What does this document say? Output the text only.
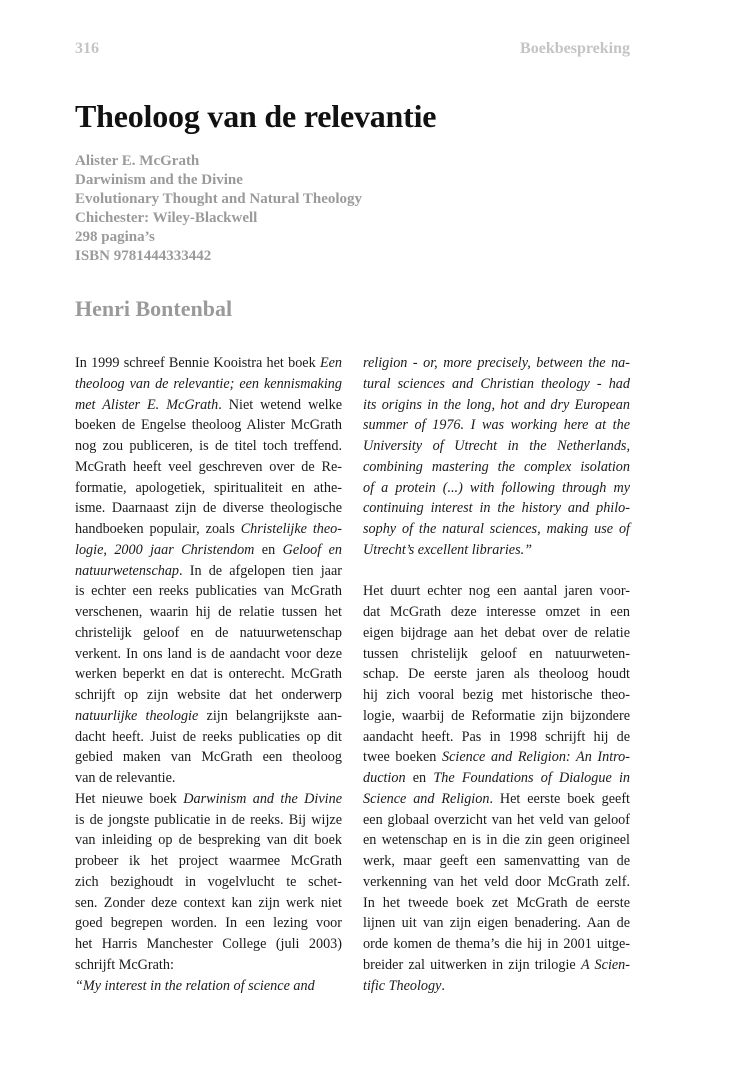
316	Boekbespreking
Theoloog van de relevantie
Alister E. McGrath
Darwinism and the Divine
Evolutionary Thought and Natural Theology
Chichester: Wiley-Blackwell
298 pagina’s
ISBN 9781444333442
Henri Bontenbal
In 1999 schreef Bennie Kooistra het boek Een
theoloog van de relevantie; een kennismaking
met Alister E. McGrath. Niet wetend welke
boeken de Engelse theoloog Alister McGrath
nog zou publiceren, is de titel toch treffend.
McGrath heeft veel geschreven over de Re-
formatie, apologetiek, spiritualiteit en athe-
isme. Daarnaast zijn de diverse theologische
handboeken populair, zoals Christelijke theo-
logie, 2000 jaar Christendom en Geloof en
natuurwetenschap. In de afgelopen tien jaar
is echter een reeks publicaties van McGrath
verschenen, waarin hij de relatie tussen het
christelijk geloof en de natuurwetenschap
verkent. In ons land is de aandacht voor deze
werken beperkt en dat is onterecht. McGrath
schrijft op zijn website dat het onderwerp
natuurlijke theologie zijn belangrijkste aan-
dacht heeft. Juist de reeks publicaties op dit
gebied maken van McGrath een theoloog
van de relevantie.
Het nieuwe boek Darwinism and the Divine
is de jongste publicatie in de reeks. Bij wijze
van inleiding op de bespreking van dit boek
probeer ik het project waarmee McGrath
zich bezighoudt in vogelvlucht te schet-
sen. Zonder deze context kan zijn werk niet
goed begrepen worden. In een lezing voor
het Harris Manchester College (juli 2003)
schrijft McGrath:
“My interest in the relation of science and
religion - or, more precisely, between the na-
tural sciences and Christian theology - had
its origins in the long, hot and dry European
summer of 1976. I was working here at the
University of Utrecht in the Netherlands,
combining mastering the complex isolation
of a protein (...) with following through my
continuing interest in the history and philo-
sophy of the natural sciences, making use of
Utrecht’s excellent libraries.”
Het duurt echter nog een aantal jaren voor-
dat McGrath deze interesse omzet in een
eigen bijdrage aan het debat over de relatie
tussen christelijk geloof en natuurweten-
schap. De eerste jaren als theoloog houdt
hij zich vooral bezig met historische theo-
logie, waarbij de Reformatie zijn bijzondere
aandacht heeft. Pas in 1998 schrijft hij de
twee boeken Science and Religion: An Intro-
duction en The Foundations of Dialogue in
Science and Religion. Het eerste boek geeft
een globaal overzicht van het veld van geloof
en wetenschap en is in die zin geen origineel
werk, maar geeft een samenvatting van de
verkenning van het veld door McGrath zelf.
In het tweede boek zet McGrath de eerste
lijnen uit van zijn eigen benadering. Aan de
orde komen de thema’s die hij in 2001 uitge-
breider zal uitwerken in zijn trilogie A Scien-
tific Theology.
